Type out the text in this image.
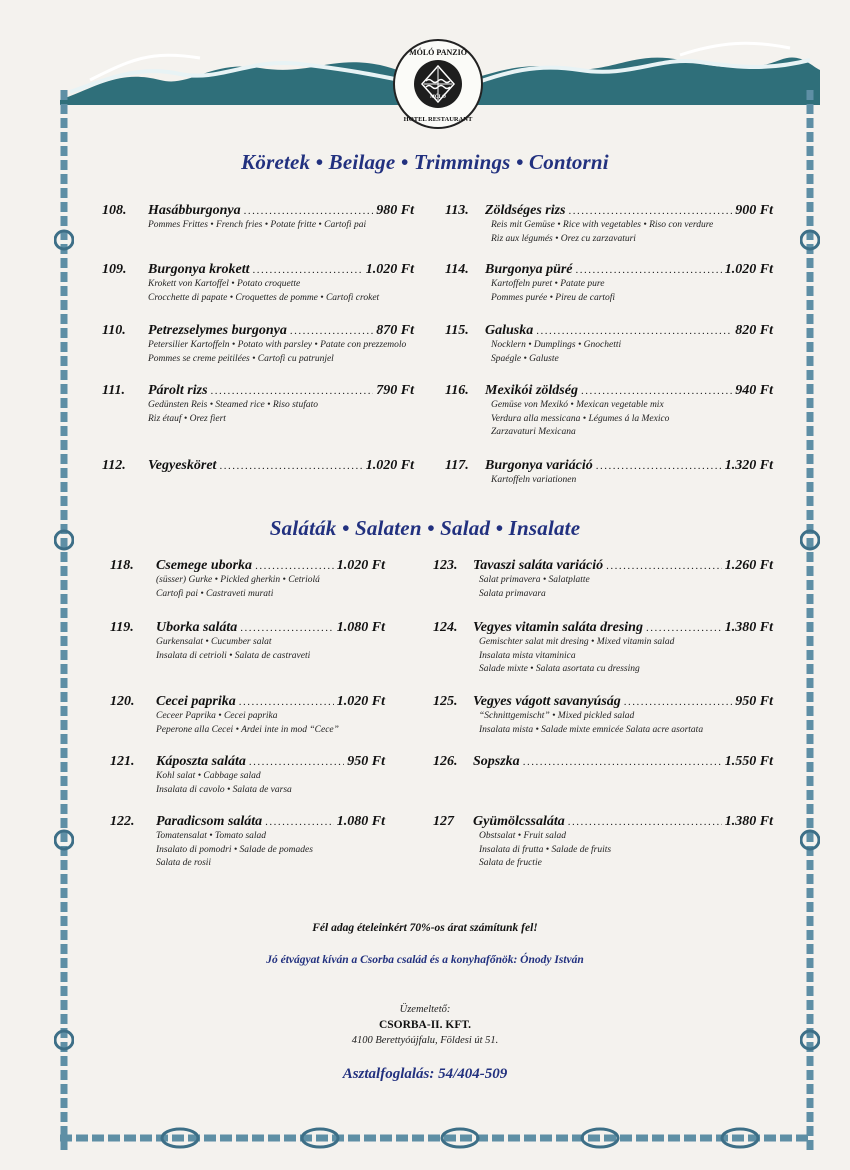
MÓLÓ PANZIÓ
HOTEL RESTAURANT
MÓLÓ
Köretek • Beilage • Trimmings • Contorni
108.	Hasábburgonya .....	980 Ft
Pommes Frittes • French fries • Potate fritte • Cartofi pai
109.	Burgonya krokett .....	1.020 Ft
Krokett von Kartoffel • Potato croquette
Crocchette di papate • Croquettes de pomme • Cartofi croket
110.	Petrezselymes burgonya .....	870 Ft
Petersilier Kartoffeln • Potato with parsley • Patate con prezzemolo
Pommes se creme peitilées • Cartofi cu patrunjel
111.	Párolt rizs .....	790 Ft
Gedünsten Reis • Steamed rice • Riso stufato
Riz étauf • Orez fiert
112.	Vegyesköret .....	1.020 Ft
113.	Zöldséges rizs .....	900 Ft
Reis mit Gemüse • Rice with vegetables • Riso con verdure
Riz aux légumés • Orez cu zarzavaturi
114.	Burgonya püré .....	1.020 Ft
Kartoffeln puret • Patate pure
Pommes purée • Pireu de cartofi
115.	Galuska .....	820 Ft
Nocklern • Dumplings • Gnochetti
Spaégle • Galuste
116.	Mexikói zöldség .....	940 Ft
Gemüse von Mexikó • Mexican vegetable mix
Verdura alla messicana • Légumes á la Mexico
Zarzavaturi Mexicana
117.	Burgonya variáció .....	1.320 Ft
Kartoffeln variationen
Saláták • Salaten • Salad • Insalate
118.	Csemege uborka .....	1.020 Ft
(süsser) Gurke • Pickled gherkin • Cetriolá
Cartofi pai • Castraveti murati
119.	Uborka saláta .....	1.080 Ft
Gurkensalat • Cucumber salat
Insalata di cetrioli • Salata de castraveti
120.	Cecei paprika .....	1.020 Ft
Ceceer Paprika • Cecei paprika
Peperone alla Cecei • Ardei inte in mod “Cece”
121.	Káposzta saláta .....	950 Ft
Kohl salat • Cabbage salad
Insalata di cavolo • Salata de varsa
122.	Paradicsom saláta .....	1.080 Ft
Tomatensalat • Tomato salad
Insalato di pomodri • Salade de pomades
Salata de rosii
123.	Tavaszi saláta variáció .....	1.260 Ft
Salat primavera • Salatplatte
Salata primavara
124.	Vegyes vitamin saláta dresing .....	1.380 Ft
Gemischter salat mit dresing • Mixed vitamin salad
Insalata mista vitaminica
Salade mixte • Salata asortata cu dressing
125.	Vegyes vágott savanyúság .....	950 Ft
“Schnittgemischt” • Mixed pickled salad
Insalata mista • Salade mixte emnicée Salata acre asortata
126.	Sopszka .....	1.550 Ft
127	Gyümölcssaláta .....	1.380 Ft
Obstsalat • Fruit salad
Insalata di frutta • Salade de fruits
Salata de fructie
Fél adag ételeinkért 70%-os árat számítunk fel!
Jó étvágyat kíván a Csorba család és a konyhafőnök: Ónody István
Üzemeltető:
CSORBA-II. KFT.
4100 Berettyóújfalu, Földesi út 51.
Asztalfoglalás: 54/404-509
